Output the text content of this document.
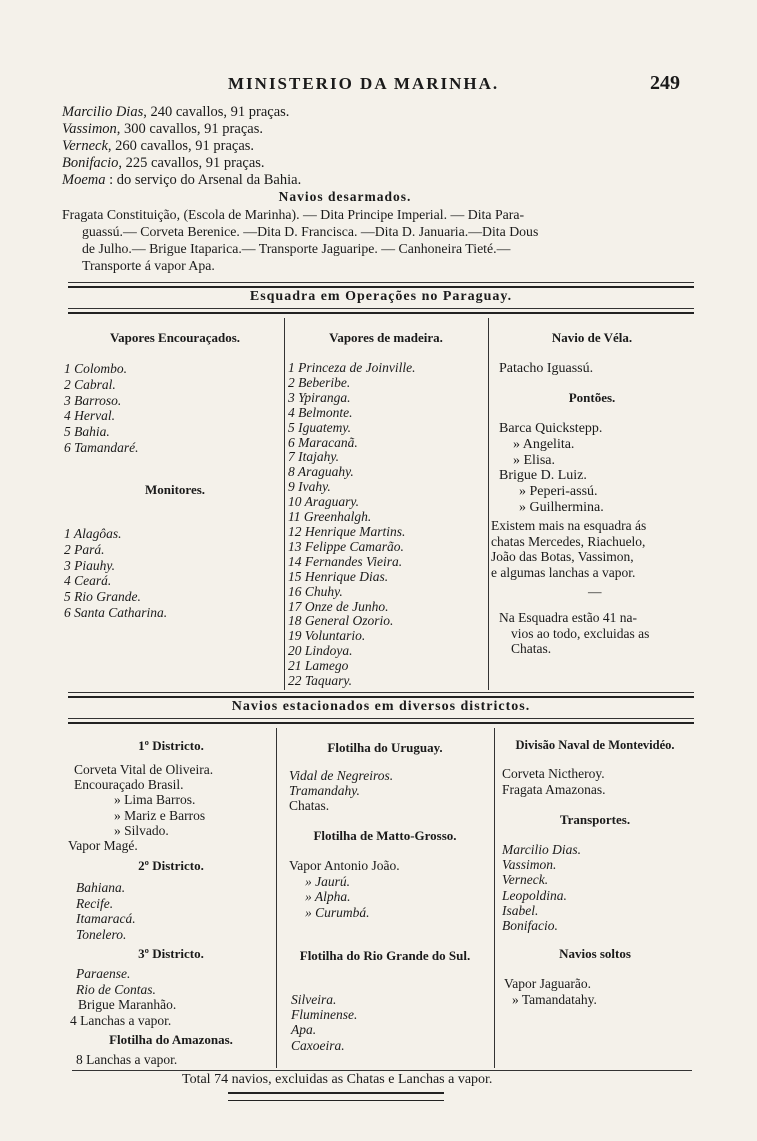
MINISTERIO DA MARINHA.	249
Marcilio Dias, 240 cavallos, 91 praças.
Vassimon, 300 cavallos, 91 praças.
Verneck, 260 cavallos, 91 praças.
Bonifacio, 225 cavallos, 91 praças.
Moema : do serviço do Arsenal da Bahia.
Navios desarmados.
Fragata Constituição, (Escola de Marinha). — Dita Principe Imperial. — Dita Para-
guassú.— Corveta Berenice. —Dita D. Francisca. —Dita D. Januaria.—Dita Dous
de Julho.— Brigue Itaparica.— Transporte Jaguaripe. — Canhoneira Tieté.—
Transporte á vapor Apa.
Esquadra em Operações no Paraguay.
Vapores Encouraçados.
1 Colombo.
2 Cabral.
3 Barroso.
4 Herval.
5 Bahia.
6 Tamandaré.
Monitores.
1 Alagôas.
2 Pará.
3 Piauhy.
4 Ceará.
5 Rio Grande.
6 Santa Catharina.
Vapores de madeira.
1 Princeza de Joinville.
2 Beberibe.
3 Ypiranga.
4 Belmonte.
5 Iguatemy.
6 Maracanã.
7 Itajahy.
8 Araguahy.
9 Ivahy.
10 Araguary.
11 Greenhalgh.
12 Henrique Martins.
13 Felippe Camarão.
14 Fernandes Vieira.
15 Henrique Dias.
16 Chuhy.
17 Onze de Junho.
18 General Ozorio.
19 Voluntario.
20 Lindoya.
21 Lamego
22 Taquary.
Navio de Véla.
Patacho Iguassú.
Pontões.
Barca Quickstepp.
» Angelita.
» Elisa.
Brigue D. Luiz.
» Peperi-assú.
» Guilhermina.
Existem mais na esquadra ás
chatas Mercedes, Riachuelo,
João das Botas, Vassimon,
e algumas lanchas a vapor.
—
Na Esquadra estão 41 na-
vios ao todo, excluidas as
Chatas.
Navios estacionados em diversos districtos.
1º Districto.
Corveta Vital de Oliveira.
Encouraçado Brasil.
» Lima Barros.
» Mariz e Barros
» Silvado.
Vapor Magé.
2º Districto.
Bahiana.
Recife.
Itamaracá.
Tonelero.
3º Districto.
Paraense.
Rio de Contas.
Brigue Maranhão.
4 Lanchas a vapor.
Flotilha do Amazonas.
8 Lanchas a vapor.
Flotilha do Uruguay.
Vidal de Negreiros.
Tramandahy.
Chatas.
Flotilha de Matto-Grosso.
Vapor Antonio João.
» Jaurú.
» Alpha.
» Curumbá.
Flotilha do Rio Grande do Sul.
Silveira.
Fluminense.
Apa.
Caxoeira.
Divisão Naval de Montevidéo.
Corveta Nictheroy.
Fragata Amazonas.
Transportes.
Marcilio Dias.
Vassimon.
Verneck.
Leopoldina.
Isabel.
Bonifacio.
Navios soltos
Vapor Jaguarão.
» Tamandatahy.
Total 74 navios, excluidas as Chatas e Lanchas a vapor.
